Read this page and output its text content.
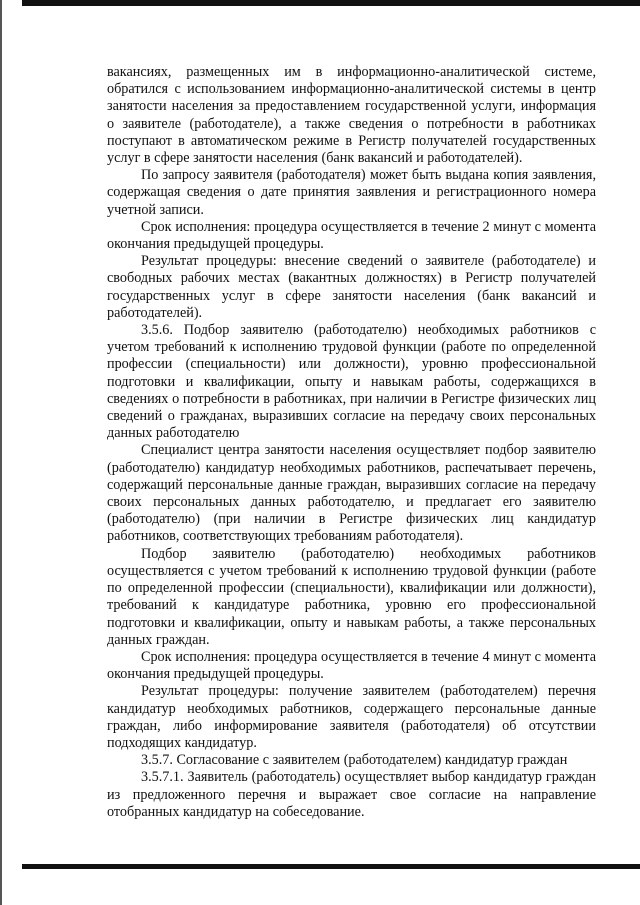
вакансиях, размещенных им в информационно-аналитической системе, обратился с использованием информационно-аналитической системы в центр занятости населения за предоставлением государственной услуги, информация о заявителе (работодателе), а также сведения о потребности в работниках поступают в автоматическом режиме в Регистр получателей государственных услуг в сфере занятости населения (банк вакансий и работодателей).

По запросу заявителя (работодателя) может быть выдана копия заявления, содержащая сведения о дате принятия заявления и регистрационного номера учетной записи.

Срок исполнения: процедура осуществляется в течение 2 минут с момента окончания предыдущей процедуры.

Результат процедуры: внесение сведений о заявителе (работодателе) и свободных рабочих местах (вакантных должностях) в Регистр получателей государственных услуг в сфере занятости населения (банк вакансий и работодателей).

3.5.6. Подбор заявителю (работодателю) необходимых работников с учетом требований к исполнению трудовой функции (работе по определенной профессии (специальности) или должности), уровню профессиональной подготовки и квалификации, опыту и навыкам работы, содержащихся в сведениях о потребности в работниках, при наличии в Регистре физических лиц сведений о гражданах, выразивших согласие на передачу своих персональных данных работодателю

Специалист центра занятости населения осуществляет подбор заявителю (работодателю) кандидатур необходимых работников, распечатывает перечень, содержащий персональные данные граждан, выразивших согласие на передачу своих персональных данных работодателю, и предлагает его заявителю (работодателю) (при наличии в Регистре физических лиц кандидатур работников, соответствующих требованиям работодателя).

Подбор заявителю (работодателю) необходимых работников осуществляется с учетом требований к исполнению трудовой функции (работе по определенной профессии (специальности), квалификации или должности), требований к кандидатуре работника, уровню его профессиональной подготовки и квалификации, опыту и навыкам работы, а также персональных данных граждан.

Срок исполнения: процедура осуществляется в течение 4 минут с момента окончания предыдущей процедуры.

Результат процедуры: получение заявителем (работодателем) перечня кандидатур необходимых работников, содержащего персональные данные граждан, либо информирование заявителя (работодателя) об отсутствии подходящих кандидатур.

3.5.7. Согласование с заявителем (работодателем) кандидатур граждан

3.5.7.1. Заявитель (работодатель) осуществляет выбор кандидатур граждан из предложенного перечня и выражает свое согласие на направление отобранных кандидатур на собеседование.
